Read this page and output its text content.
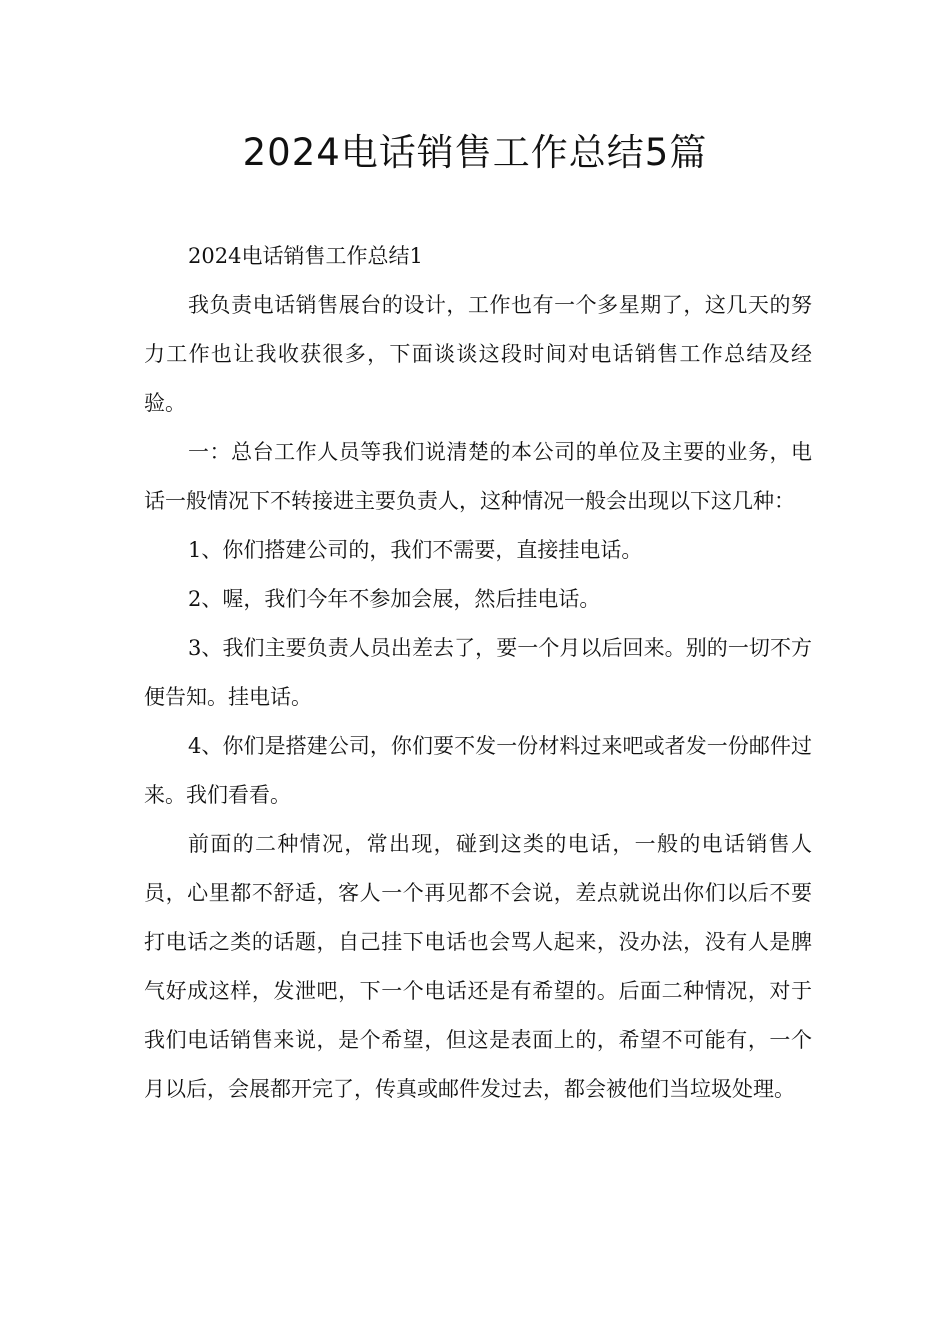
2024电话销售工作总结5篇

2024电话销售工作总结1

我负责电话销售展台的设计，工作也有一个多星期了，这几天的努力工作也让我收获很多，下面谈谈这段时间对电话销售工作总结及经验。

一：总台工作人员等我们说清楚的本公司的单位及主要的业务，电话一般情况下不转接进主要负责人，这种情况一般会出现以下这几种：

1、你们搭建公司的，我们不需要，直接挂电话。

2、喔，我们今年不参加会展，然后挂电话。

3、我们主要负责人员出差去了，要一个月以后回来。别的一切不方便告知。挂电话。

4、你们是搭建公司，你们要不发一份材料过来吧或者发一份邮件过来。我们看看。

前面的二种情况，常出现，碰到这类的电话，一般的电话销售人员，心里都不舒适，客人一个再见都不会说，差点就说出你们以后不要打电话之类的话题，自己挂下电话也会骂人起来，没办法，没有人是脾气好成这样，发泄吧，下一个电话还是有希望的。后面二种情况，对于我们电话销售来说，是个希望，但这是表面上的，希望不可能有，一个月以后，会展都开完了，传真或邮件发过去，都会被他们当垃圾处理。
